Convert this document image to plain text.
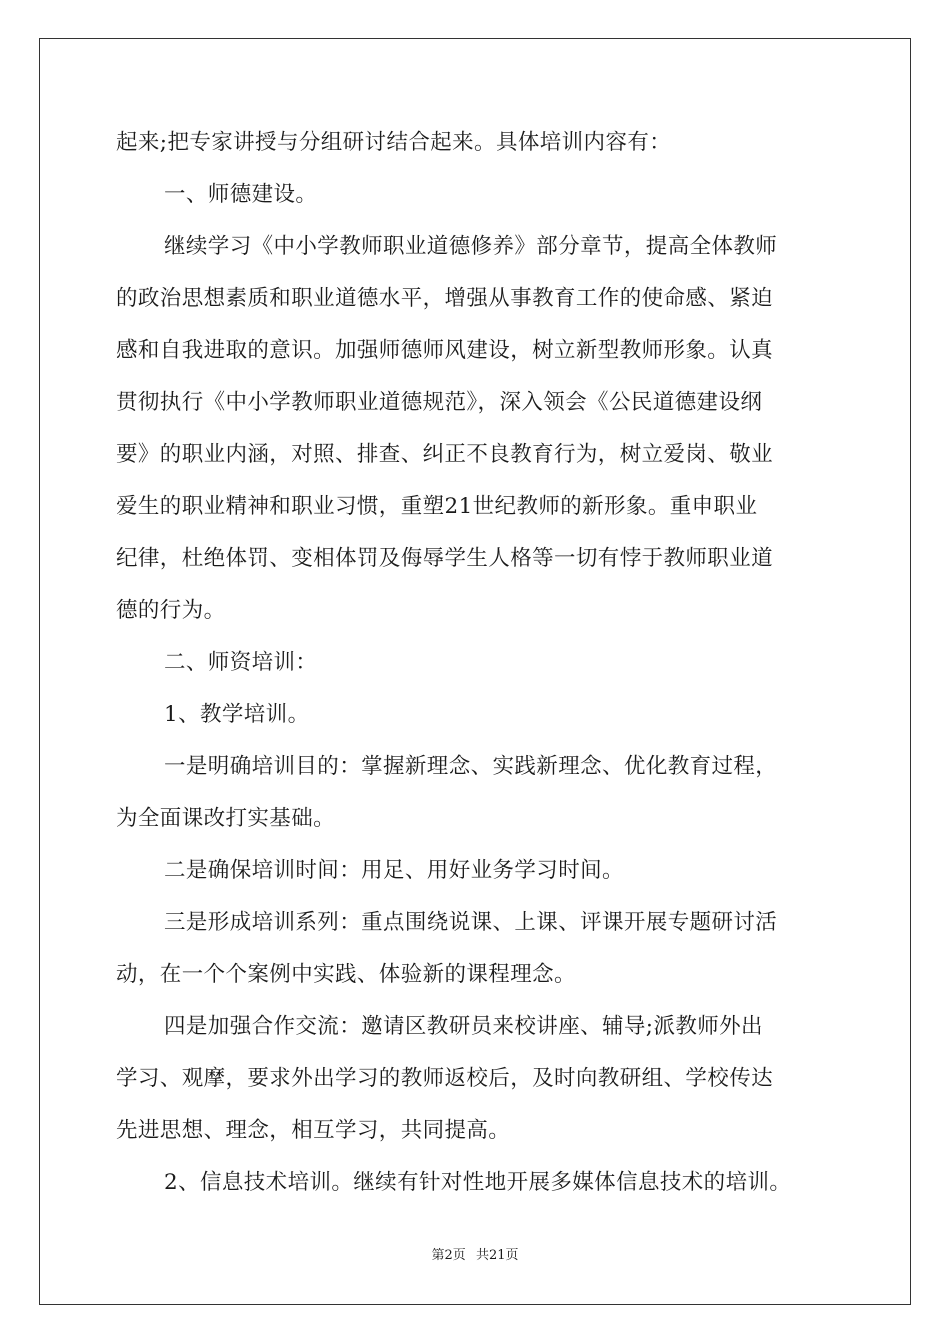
起来;把专家讲授与分组研讨结合起来。具体培训内容有：
一、师德建设。
继续学习《中小学教师职业道德修养》部分章节，提高全体教师
的政治思想素质和职业道德水平，增强从事教育工作的使命感、紧迫
感和自我进取的意识。加强师德师风建设，树立新型教师形象。认真
贯彻执行《中小学教师职业道德规范》，深入领会《公民道德建设纲
要》的职业内涵，对照、排查、纠正不良教育行为，树立爱岗、敬业
爱生的职业精神和职业习惯，重塑21世纪教师的新形象。重申职业
纪律，杜绝体罚、变相体罚及侮辱学生人格等一切有悖于教师职业道
德的行为。
二、师资培训：
1、教学培训。
一是明确培训目的：掌握新理念、实践新理念、优化教育过程，
为全面课改打实基础。
二是确保培训时间：用足、用好业务学习时间。
三是形成培训系列：重点围绕说课、上课、评课开展专题研讨活
动，在一个个案例中实践、体验新的课程理念。
四是加强合作交流：邀请区教研员来校讲座、辅导;派教师外出
学习、观摩，要求外出学习的教师返校后，及时向教研组、学校传达
先进思想、理念，相互学习，共同提高。
2、信息技术培训。继续有针对性地开展多媒体信息技术的培训。
第2页 共21页
